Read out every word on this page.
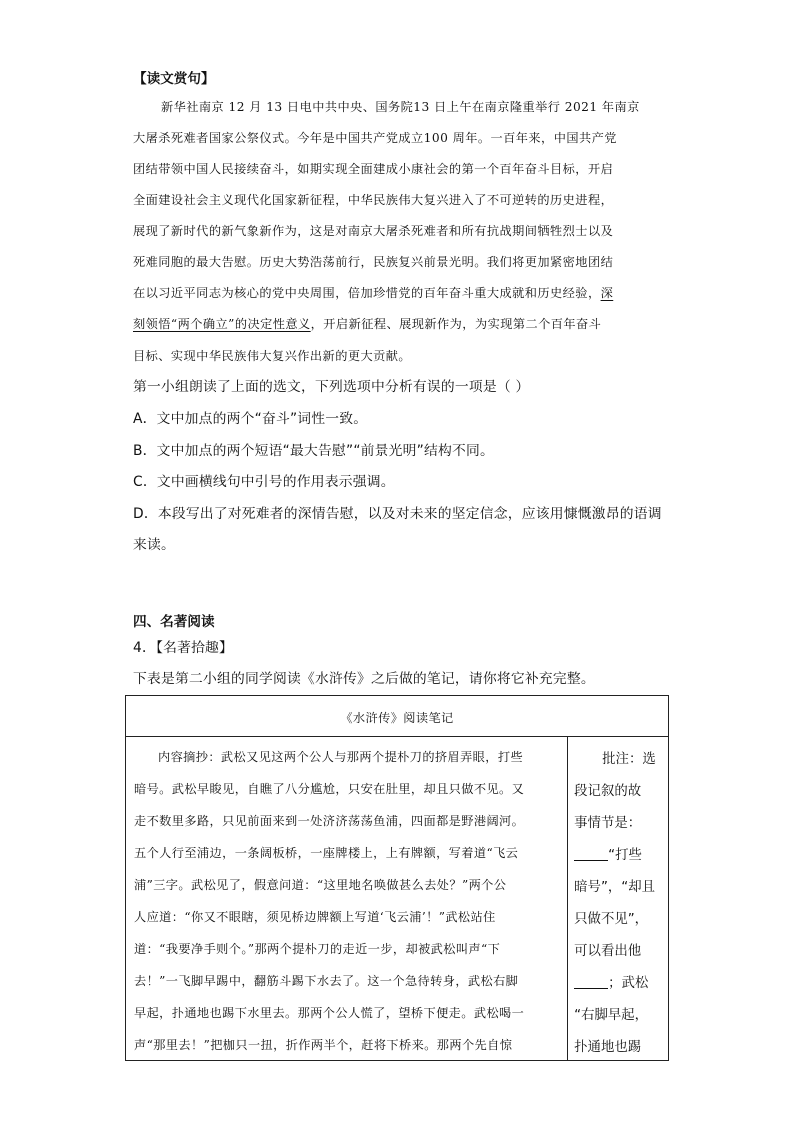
【读文赏句】
新华社南京 12 月 13 日电中共中央、国务院13 日上午在南京隆重举行 2021 年南京
大屠杀死难者国家公祭仪式。今年是中国共产党成立100 周年。一百年来，中国共产党
团结带领中国人民接续奋斗，如期实现全面建成小康社会的第一个百年奋斗目标，开启
全面建设社会主义现代化国家新征程，中华民族伟大复兴进入了不可逆转的历史进程，
展现了新时代的新气象新作为，这是对南京大屠杀死难者和所有抗战期间牺牲烈士以及
死难同胞的最大告慰。历史大势浩荡前行，民族复兴前景光明。我们将更加紧密地团结
在以习近平同志为核心的党中央周围，倍加珍惜党的百年奋斗重大成就和历史经验，深
刻领悟“两个确立”的决定性意义，开启新征程、展现新作为，为实现第二个百年奋斗
目标、实现中华民族伟大复兴作出新的更大贡献。
第一小组朗读了上面的选文，下列选项中分析有误的一项是（ ）
A．文中加点的两个“奋斗”词性一致。
B．文中加点的两个短语“最大告慰”“前景光明”结构不同。
C．文中画横线句中引号的作用表示强调。
D．本段写出了对死难者的深情告慰，以及对未来的坚定信念，应该用慷慨激昂的语调
来读。
四、名著阅读
4．【名著拾趣】
下表是第二小组的同学阅读《水浒传》之后做的笔记，请你将它补充完整。
《水浒传》阅读笔记

内容摘抄：武松又见这两个公人与那两个提朴刀的挤眉弄眼，打些
暗号。武松早睃见，自瞧了八分尴尬，只安在肚里，却且只做不见。又
走不数里多路，只见前面来到一处济济荡荡鱼浦，四面都是野港阔河。
五个人行至浦边，一条阔板桥，一座牌楼上，上有牌额，写着道“飞云
浦”三字。武松见了，假意问道：“这里地名唤做甚么去处？”两个公
人应道：“你又不眼瞎，须见桥边牌额上写道‘飞云浦’！”武松站住
道：“我要净手则个。”那两个提朴刀的走近一步，却被武松叫声“下
去！”一飞脚早踢中，翻筋斗踢下水去了。这一个急待转身，武松右脚
早起，扑通地也踢下水里去。那两个公人慌了，望桥下便走。武松喝一
声“那里去！”把枷只一扭，折作两半个，赶将下桥来。那两个先自惊

批注：选
段记叙的故
事情节是：
“打些
暗号”，“却且
只做不见”，
可以看出他
；武松
“右脚早起，
扑通地也踢
